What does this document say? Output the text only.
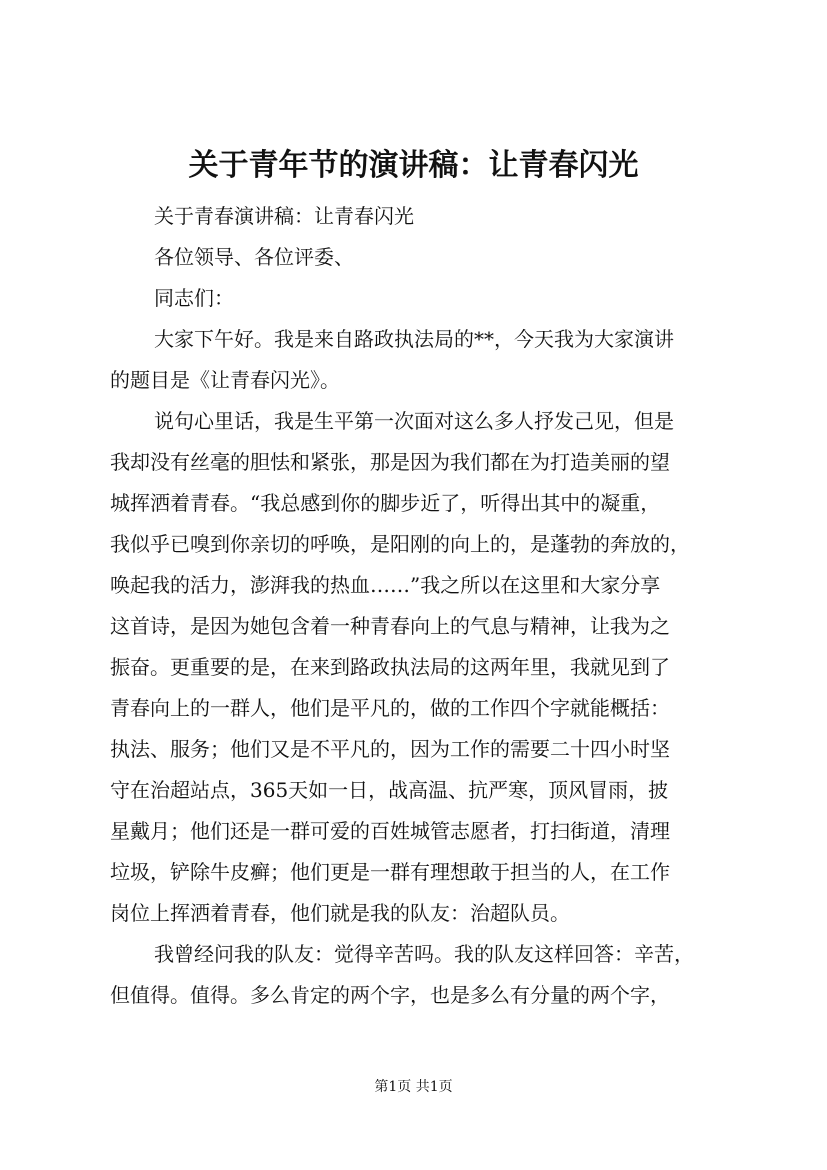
关于青年节的演讲稿：让青春闪光

关于青春演讲稿：让青春闪光

各位领导、各位评委、

同志们：

大家下午好。我是来自路政执法局的**，今天我为大家演讲
的题目是《让青春闪光》。

说句心里话，我是生平第一次面对这么多人抒发己见，但是
我却没有丝毫的胆怯和紧张，那是因为我们都在为打造美丽的望
城挥洒着青春。“我总感到你的脚步近了，听得出其中的凝重，
我似乎已嗅到你亲切的呼唤，是阳刚的向上的，是蓬勃的奔放的，
唤起我的活力，澎湃我的热血……”我之所以在这里和大家分享
这首诗，是因为她包含着一种青春向上的气息与精神，让我为之
振奋。更重要的是，在来到路政执法局的这两年里，我就见到了
青春向上的一群人，他们是平凡的，做的工作四个字就能概括：
执法、服务；他们又是不平凡的，因为工作的需要二十四小时坚
守在治超站点，365天如一日，战高温、抗严寒，顶风冒雨，披
星戴月；他们还是一群可爱的百姓城管志愿者，打扫街道，清理
垃圾，铲除牛皮癣；他们更是一群有理想敢于担当的人，在工作
岗位上挥洒着青春，他们就是我的队友：治超队员。

我曾经问我的队友：觉得辛苦吗。我的队友这样回答：辛苦，
但值得。值得。多么肯定的两个字，也是多么有分量的两个字，

第1页 共1页
